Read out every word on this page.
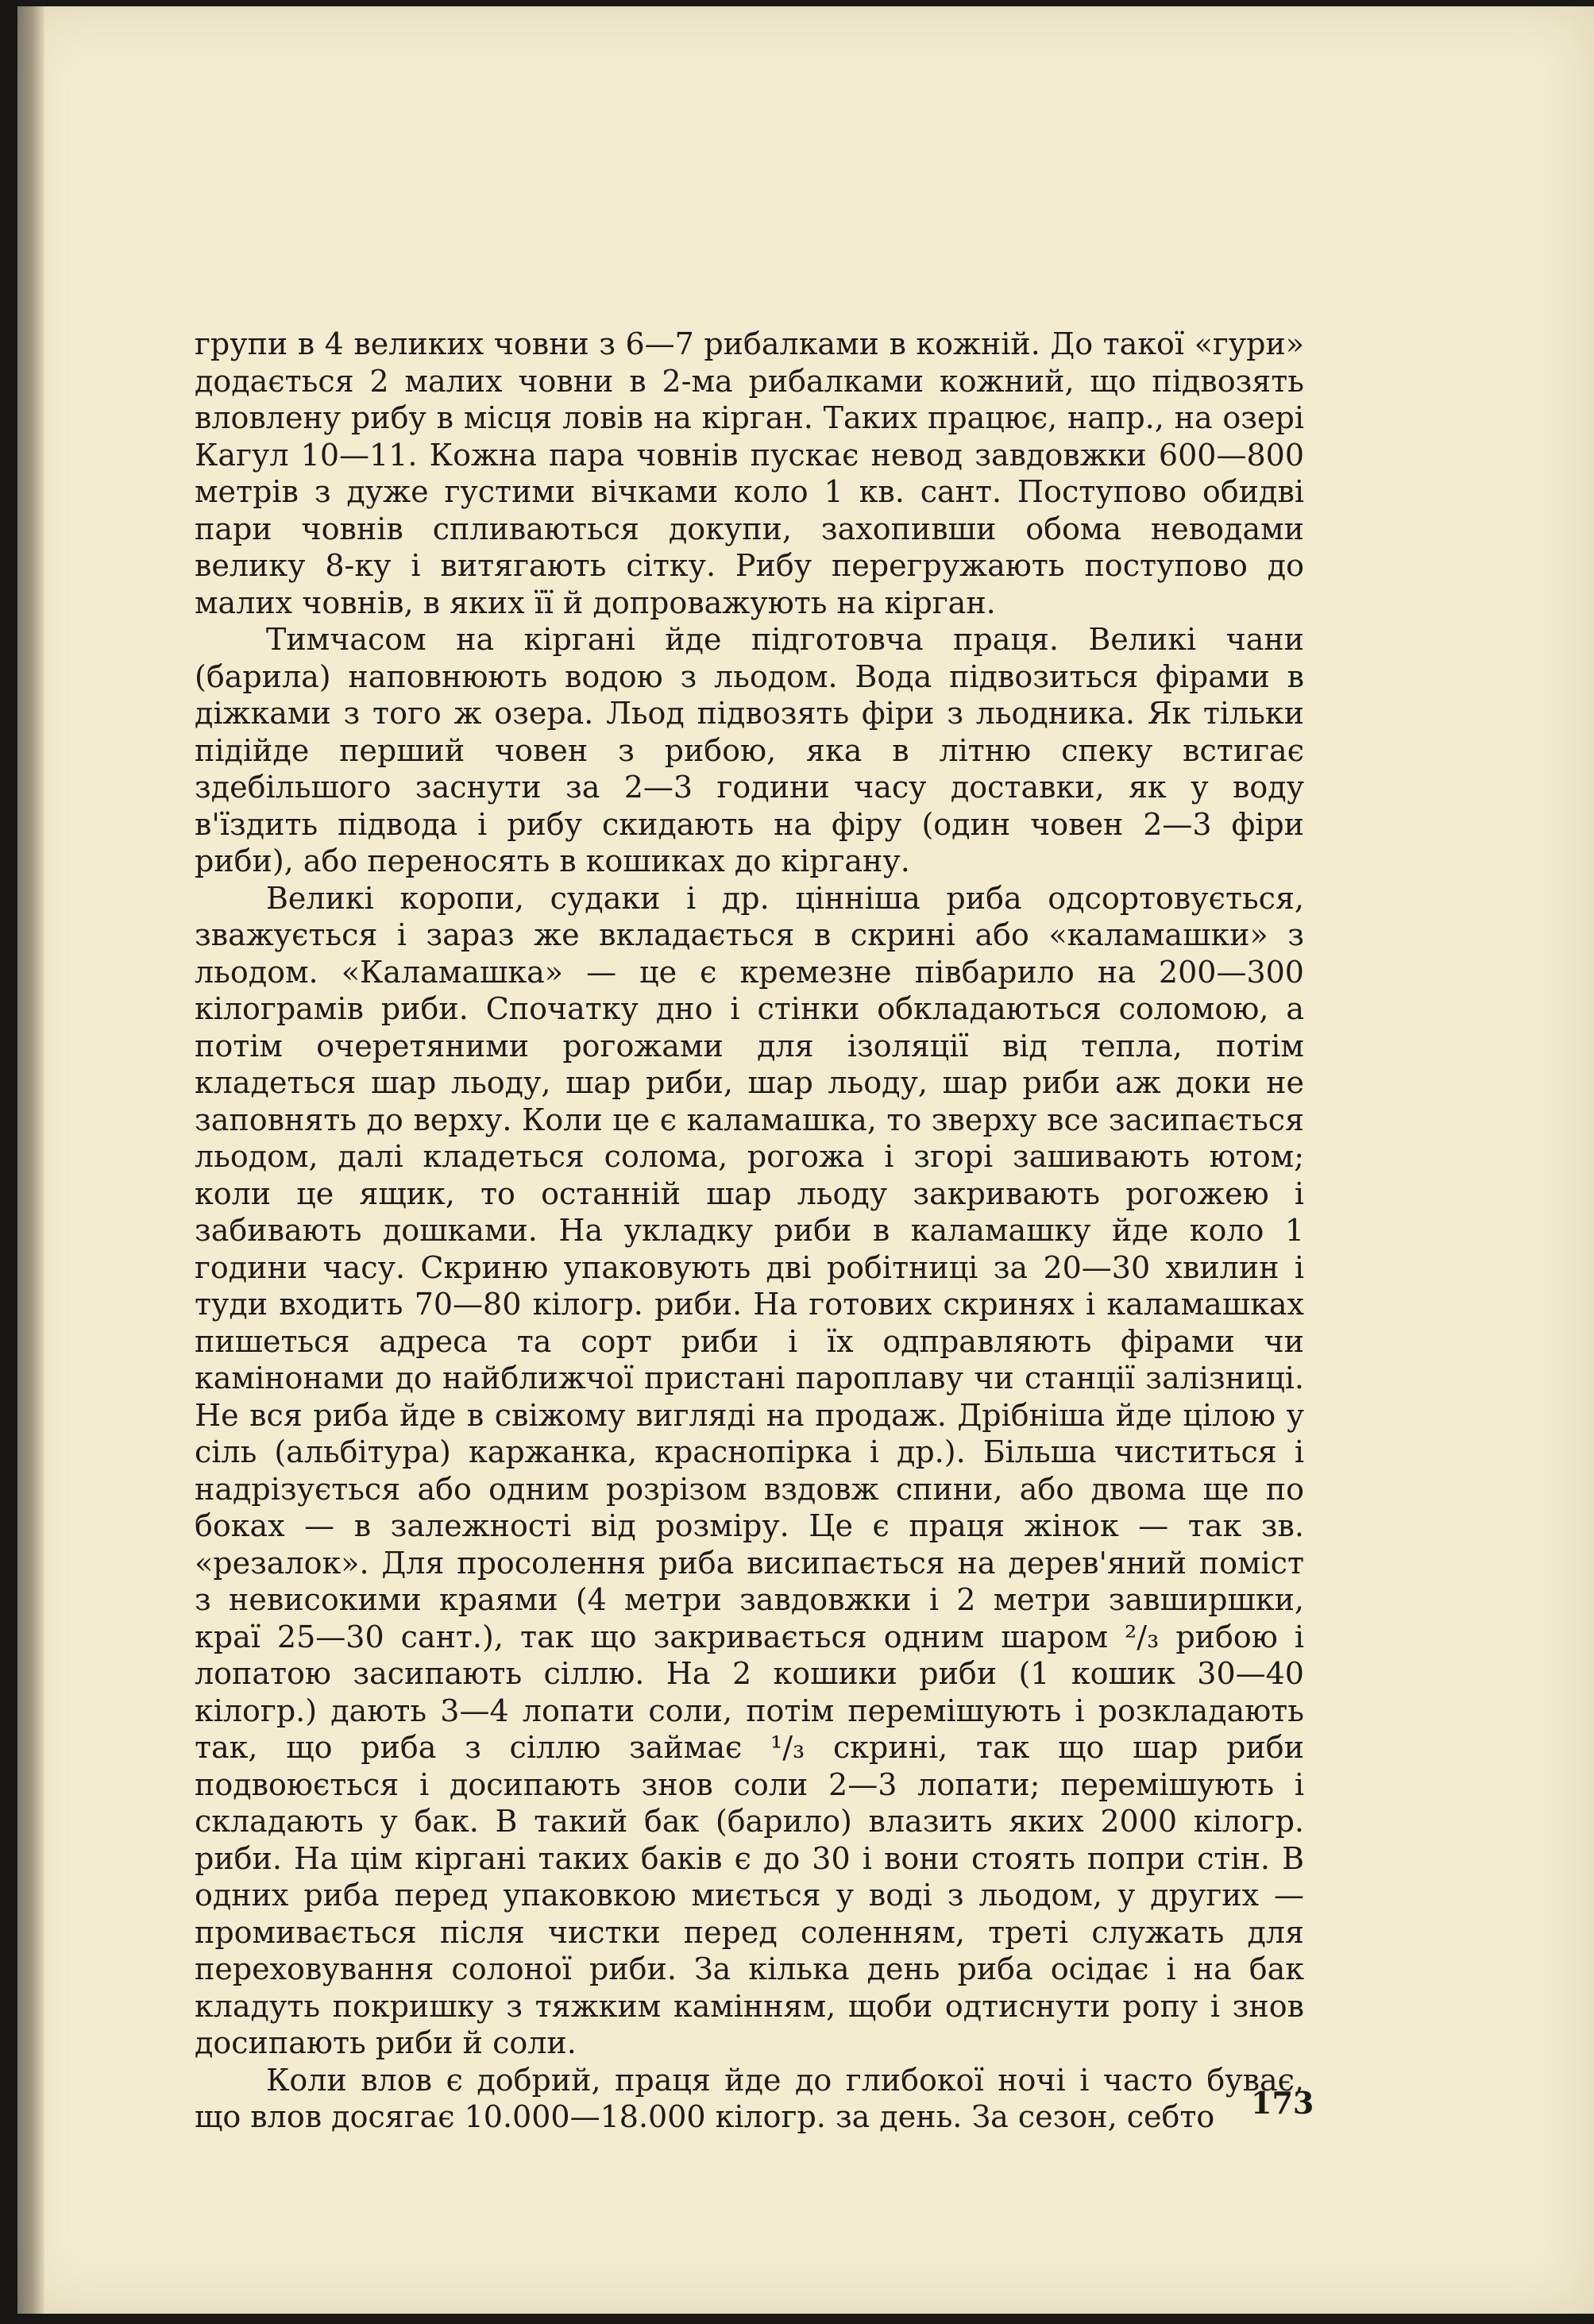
групи в 4 великих човни з 6—7 рибалками в кожній. До такої «гури» додається 2 малих човни в 2-ма рибалками кожний, що підвозять вловлену рибу в місця ловів на кірган. Таких працює, напр., на озері Кагул 10—11. Кожна пара човнів пускає невод завдовжки 600—800 метрів з дуже густими вічками коло 1 кв. сант. Поступово обидві пари човнів спливаються докупи, захопивши обома неводами велику 8-ку і витягають сітку. Рибу перегружають поступово до малих човнів, в яких її й допроважують на кірган.

Тимчасом на кіргані йде підготовча праця. Великі чани (барила) наповнюють водою з льодом. Вода підвозиться фірами в діжками з того ж озера. Льод підвозять фіри з льодника. Як тільки підійде перший човен з рибою, яка в літню спеку встигає здебільшого заснути за 2—3 години часу доставки, як у воду в'їздить підвода і рибу скидають на фіру (один човен 2—3 фіри риби), або переносять в кошиках до кіргану.

Великі коропи, судаки і др. цінніша риба одсортовується, зважується і зараз же вкладається в скрині або «каламашки» з льодом. «Каламашка» — це є кремезне півбарило на 200—300 кілограмів риби. Спочатку дно і стінки обкладаються соломою, а потім очеретяними рогожами для ізоляції від тепла, потім кладеться шар льоду, шар риби, шар льоду, шар риби аж доки не заповнять до верху. Коли це є каламашка, то зверху все засипається льодом, далі кладеться солома, рогожа і згорі зашивають ютом; коли це ящик, то останній шар льоду закривають рогожею і забивають дошками. На укладку риби в каламашку йде коло 1 години часу. Скриню упаковують дві робітниці за 20—30 хвилин і туди входить 70—80 кілогр. риби. На готових скринях і каламашках пишеться адреса та сорт риби і їх одправляють фірами чи камінонами до найближчої пристані пароплаву чи станції залізниці. Не вся риба йде в свіжому вигляді на продаж. Дрібніша йде цілою у сіль (альбітура) каржанка, краснопірка і др.). Більша чиститься і надрізується або одним розрізом вздовж спини, або двома ще по боках — в залежності від розміру. Це є праця жінок — так зв. «резалок». Для просолення риба висипається на дерев'яний поміст з невисокими краями (4 метри завдовжки і 2 метри завширшки, краї 25—30 сант.), так що закривається одним шаром ²/₃ рибою і лопатою засипають сіллю. На 2 кошики риби (1 кошик 30—40 кілогр.) дають 3—4 лопати соли, потім перемішують і розкладають так, що риба з сіллю займає ¹/₃ скрині, так що шар риби подвоюється і досипають знов соли 2—3 лопати; перемішують і складають у бак. В такий бак (барило) влазить яких 2000 кілогр. риби. На цім кіргані таких баків є до 30 і вони стоять попри стін. В одних риба перед упаковкою миється у воді з льодом, у других — промивається після чистки перед соленням, треті служать для переховування солоної риби. За кілька день риба осідає і на бак кладуть покришку з тяжким камінням, щоби одтиснути ропу і знов досипають риби й соли.

Коли влов є добрий, праця йде до глибокої ночі і часто буває, що влов досягає 10.000—18.000 кілогр. за день. За сезон, себто	173
